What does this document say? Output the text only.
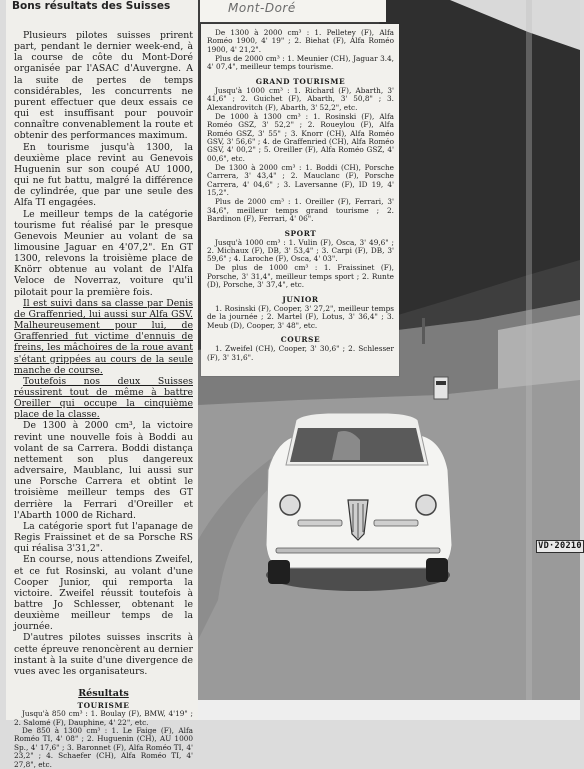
VD·20210
Mont-Doré
Bons résultats des Suisses

Plusieurs pilotes suisses prirent part, pendant le dernier week-end, à la course de côte du Mont-Doré organisée par l'ASAC d'Auvergne. A la suite de pertes de temps considérables, les concurrents ne purent effectuer que deux essais ce qui est insuffisant pour pouvoir connaître convenablement la route et obtenir des performances maximum.

En tourisme jusqu'à 1300, la deuxième place revint au Genevois Huguenin sur son coupé AU 1000, qui ne fut battu, malgré la différence de cylindrée, que par une seule des Alfa TI engagées.

Le meilleur temps de la catégorie tourisme fut réalisé par le presque Genevois Meunier au volant de sa limousine Jaguar en 4'07,2". En GT 1300, relevons la troisième place de Knörr obtenue au volant de l'Alfa Veloce de Noverraz, voiture qu'il pilotait pour la première fois.

Il est suivi dans sa classe par Denis de Graffenried, lui aussi sur Alfa GSV. Malheureusement pour lui, de Graffenried fut victime d'ennuis de freins, les mâchoires de la roue avant s'étant grippées au cours de la seule manche de course.

Toutefois nos deux Suisses réussirent tout de même à battre Oreiller qui occupe la cinquième place de la classe.

De 1300 à 2000 cm³, la victoire revint une nouvelle fois à Boddi au volant de sa Carrera. Boddi distança nettement son plus dangereux adversaire, Maublanc, lui aussi sur une Porsche Carrera et obtint le troisième meilleur temps des GT derrière la Ferrari d'Oreiller et l'Abarth 1000 de Richard.

La catégorie sport fut l'apanage de Regis Fraissinet et de sa Porsche RS qui réalisa 3'31,2".

En course, nous attendions Zweifel, et ce fut Rosinski, au volant d'une Cooper Junior, qui remporta la victoire. Zweifel réussit toutefois à battre Jo Schlesser, obtenant le deuxième meilleur temps de la journée.

D'autres pilotes suisses inscrits à cette épreuve renoncèrent au dernier instant à la suite d'une divergence de vues avec les organisateurs.

Résultats
TOURISME

Jusqu'à 850 cm³ : 1. Boulay (F), BMW, 4'19" ; 2. Salomé (F), Dauphine, 4' 22", etc.

De 850 à 1300 cm³ : 1. Le Faige (F), Alfa Roméo TI, 4' 08" ; 2. Huguenin (CH), AU 1000 Sp., 4' 17,6" ; 3. Baronnet (F), Alfa Roméo TI, 4' 23,2" ; 4. Schaefer (CH), Alfa Roméo TI, 4' 27,8", etc.

De 1300 à 2000 cm³ : 1. Pelletey (F), Alfa Roméo 1900, 4' 19" ; 2. Biehat (F), Alfa Roméo 1900, 4' 21,2".

Plus de 2000 cm³ : 1. Meunier (CH), Jaguar 3.4, 4' 07,4", meilleur temps tourisme.

GRAND TOURISME

Jusqu'à 1000 cm³ : 1. Richard (F), Abarth, 3' 41,6" ; 2. Guichet (F), Abarth, 3' 50,8" ; 3. Alexandrovitch (F), Abarth, 3' 52,2", etc.

De 1000 à 1300 cm³ : 1. Rosinski (F), Alfa Roméo GSZ, 3' 52,2" ; 2. Roueylou (F), Alfa Roméo GSZ, 3' 55" ; 3. Knorr (CH), Alfa Roméo GSV, 3' 56,6" ; 4. de Graffenried (CH), Alfa Roméo GSV, 4' 00,2" ; 5. Oreiller (F), Alfa Roméo GSZ, 4' 00,6", etc.

De 1300 à 2000 cm³ : 1. Boddi (CH), Porsche Carrera, 3' 43,4" ; 2. Mauclanc (F), Porsche Carrera, 4' 04,6" ; 3. Laversanne (F), ID 19, 4' 15,2".

Plus de 2000 cm³ : 1. Oreiller (F), Ferrari, 3' 34,6", meilleur temps grand tourisme ; 2. Bardinon (F), Ferrari, 4' 06".

SPORT

Jusqu'à 1000 cm³ : 1. Vulin (F), Osca, 3' 49,6" ; 2. Michaux (F), DB, 3' 53,4" ; 3. Carpi (F), DB, 3' 59,6" ; 4. Laroche (F), Osca, 4' 03".

De plus de 1000 cm³ : 1. Fraissinet (F), Porsche, 3' 31,4", meilleur temps sport ; 2. Runte (D), Porsche, 3' 37,4", etc.

JUNIOR

1. Rosinski (F), Cooper, 3' 27,2", meilleur temps de la journée ; 2. Martel (F), Lotus, 3' 36,4" ; 3. Meub (D), Cooper, 3' 48", etc.

COURSE

1. Zweifel (CH), Cooper, 3' 30,6" ; 2. Schlesser (F), 3' 31,6".
